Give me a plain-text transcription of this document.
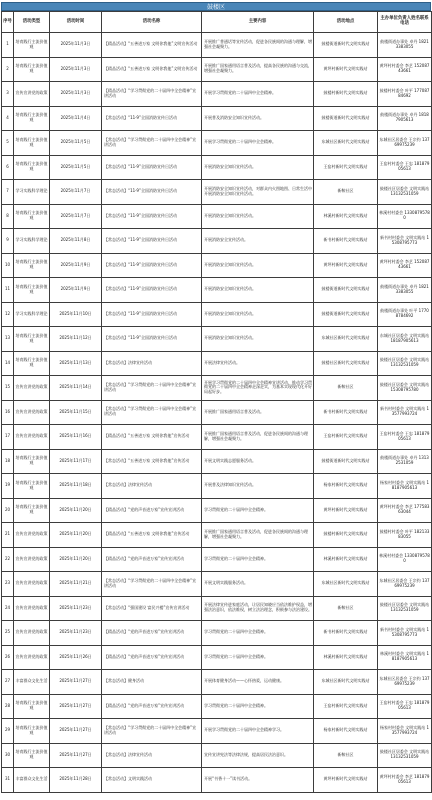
鼓楼区
序号	活动类型	活动时间	活动名称	主要内容	活动地点	主办单位负责人姓名联系电话
1	培育践行主流价值观	2025年11月3日	【精品活动】“五善进万家 文明你我他”文明宣传活动	开展推广普通话等宣传活动，促进各民族间的沟通与理解，增强社会凝聚力。	鼓楼街道新时代文明实践站	鼓楼街道办事处 卓丹 18213383055
2	培育践行主流价值观	2025年11月3日	【精品活动】“五善进万家 文明你我他”文明宣传活动	开展推广国家通用语言普及活动，提高各民族的沟通与交流，增强社会凝聚力。	黄坪村新时代文明实践站	黄坪村村委会 李艺 15208743661
3	宣传宣讲党的政策	2025年11月3日	【精品活动】“学习贯彻党的二十届四中全会精神”宣讲活动	开展学习贯彻党的二十届四中全会精神。	鼓楼村新时代文明实践站	鼓楼村村委会 叶平 17708784692
4	培育践行主流价值观	2025年11月4日	【常态活动】“11·9”全国消防宣传日活动	开展普及消防安全知识宣传活动。	鼓楼街道新时代文明实践站	鼓楼街道办事处 卓丹 18187905613
5	培育践行主流价值观	2025年11月5日	【常态活动】“学习贯彻党的二十届四中全会精神”宣讲活动	开展学习贯彻党的二十届四中全会精神。	东城社区新时代文明实践站	东城社区居委会 王宗钧 13769975239
6	培育践行主流价值观	2025年11月5日	【常态活动】“11·9”全国消防宣传日活动	开展消防安全知识宣传活动。	王窑村新时代文明实践站	王窑村村委会 王忠 18187905613
7	学习实践科学理论	2025年11月7日	【常态活动】“11·9”全国消防宣传日活动	开展消防安全知识宣传活动，对群众内火图地图、日常生活中开展消防安全知识宣传活动。	新鞍社区	鼓楼社区居委会 文明实践站 13132531059
8	培育践行主流价值观	2025年11月7日	【常态活动】“11·9”全国消防宣传日活动	开展消防安全知识宣传活动。	林溪村新时代文明实践站	林溪村村委会 13308795780
9	学习实践科学理论	2025年11月8日	【常态活动】“11·9”全国消防宣传日活动	开展消防安全宣传活动。	新书村新时代文明实践站	新书村村委会 文明实践站 15308795773
10	培育践行主流价值观	2025年11月9日	【常态活动】“11·9”全国消防宣传日活动	开展消防安全知识宣传活动。	黄坪村新时代文明实践站	黄坪村村委会 李艺 15208743661
11	培育践行主流价值观	2025年11月9日	【常态活动】“11·9”全国消防宣传日活动	开展消防安全知识宣传活动。	鼓楼街道新时代文明实践站	鼓楼街道办事处 卓丹 18213383055
12	学习实践科学理论	2025年11月10日	【常态活动】“11·9”全国消防宣传日活动	开展消防安全知识宣传活动。	鼓楼街道新时代文明实践站	鼓楼街道办事处 叶平 17708784692
13	培育践行主流价值观	2025年11月12日	【常态活动】“11·9”全国消防宣传日活动	开展消防安全知识宣传活动。	东城社区新时代文明实践站	东城社区居委会 文明实践站 18187905613
14	培育践行主流价值观	2025年11月13日	【常态活动】法律宣传活动	开展法律宣传活动。	鼓楼社区新时代文明实践站	鼓楼社区居委会 文明实践站 13132531059
15	宣传宣讲党的政策	2025年11月14日	【常态活动】“学习贯彻党的二十届四中全会精神”宣讲活动	开展学习贯彻党的二十届四中全会精神宣讲活动，推动学习贯彻党的二十届四中全会精神走深走实，为基本实现现代化开好局起好步。	新鞍社区	鼓楼社区居委会 文明实践站 15308795780
16	宣传宣讲党的政策	2025年11月15日	【常态活动】“学习贯彻党的二十届四中全会精神”宣讲活动	开展推广国家通用语言普及活动。	新书村新时代文明实践站	新书村村委会 文明实践站 13577993724
17	宣传宣讲党的政策	2025年11月16日	【精品活动】“五善进万家 文明你我他”宣传活动	开展推广国家通用语言普及活动，促进各民族间的沟通与理解，增强社会凝聚力。	王窑村新时代文明实践站	王窑村村委会 王忠 18187905613
18	培育践行主流价值观	2025年11月17日	【常态活动】“五善进万家 文明你我他”宣传活动	开展文明实践志愿服务活动。	鼓楼街道新时代文明实践站	鼓楼街道办事处 卓丹 13132531059
19	培育践行主流价值观	2025年11月18日	【常态活动】法律宣传活动	开展普及法律知识宣传活动。	杨家村新时代文明实践站	杨家村村委会 文明实践站 18187905613
20	培育践行主流价值观	2025年11月20日	【精品活动】“党的声音进万家”宣传宣讲活动	学习贯彻党的二十届四中全会精神。	黄坪村新时代文明实践站	黄坪村村委会 李艺 17758363044
21	宣传宣讲党的政策	2025年11月20日	【精品活动】“五善进万家 文明你我他”宣传活动	开展推广国家通用语言普及活动，促进各民族间的沟通与理解，增强社会凝聚力。	鼓楼村新时代文明实践站	鼓楼村村委会 叶平 18213383055
22	宣传宣讲党的政策	2025年11月20日	【精品活动】“党的声音进万家”宣传宣讲活动	学习贯彻党的二十届四中全会精神。	林溪村新时代文明实践站	林溪村村委会 13308795780
23	宣传宣讲党的政策	2025年11月21日	【常态活动】“学习贯彻党的二十届四中全会精神”宣讲活动	开展文明实践服务活动。	东城社区新时代文明实践站	东城社区居委会 王宗钧 13769975239
24	宣传宣讲党的政策	2025年11月23日	【常态活动】“强国建设 富民兴楼”宣传宣讲活动	开展法律宣传进家庭活动，让居民知晓应当依法维护权益，增强法治意识，依法维权，树立法治理念，积极参与法治建设。	新鞍社区	鼓楼社区居委会 文明实践站 13132531059
25	宣传宣讲党的政策	2025年11月23日	【精品活动】“党的声音进万家”宣传宣讲活动	学习贯彻党的二十届四中全会精神。	新书村新时代文明实践站	新书村村委会 文明实践站 15308795773
26	宣传宣讲党的政策	2025年11月26日	【精品活动】“党的声音进万家”宣传宣讲活动	学习贯彻党的二十届四中全会精神。	林溪村新时代文明实践站	林溪村村委会 文明实践站 18187905613
27	丰富群众文化生活	2025年11月27日	【常态活动】健身活动	开展体育健身活动——心怀热爱，运动健康。	东城社区新时代文明实践站	东城社区居委会 王宗钧 13769975239
28	培育践行主流价值观	2025年11月27日	【精品活动】“党的声音进万家”宣传宣讲活动	学习贯彻党的二十届四中全会精神。	王窑村新时代文明实践站	王窑村村委会 王忠 18187905613
29	培育践行主流价值观	2025年11月27日	【常态活动】“学习贯彻党的二十届四中全会精神”宣讲活动	开展学习贯彻党的二十届四中全会精神学习。	杨家村新时代文明实践站	杨家村村委会 文明实践站 13577993724
30	培育践行主流价值观	2025年11月27日	【常态活动】法律宣传活动	宣传宣讲宪法等法律法规，提高居民法治意识。	新鞍社区	鼓楼社区居委会 文明实践站 13132531059
31	丰富群众文化生活	2025年11月28日	【常态活动】文明实践活动	开展“书香十一”读书活动。	黄坪村新时代文明实践站	黄坪村村委会 李艺 18187905613
